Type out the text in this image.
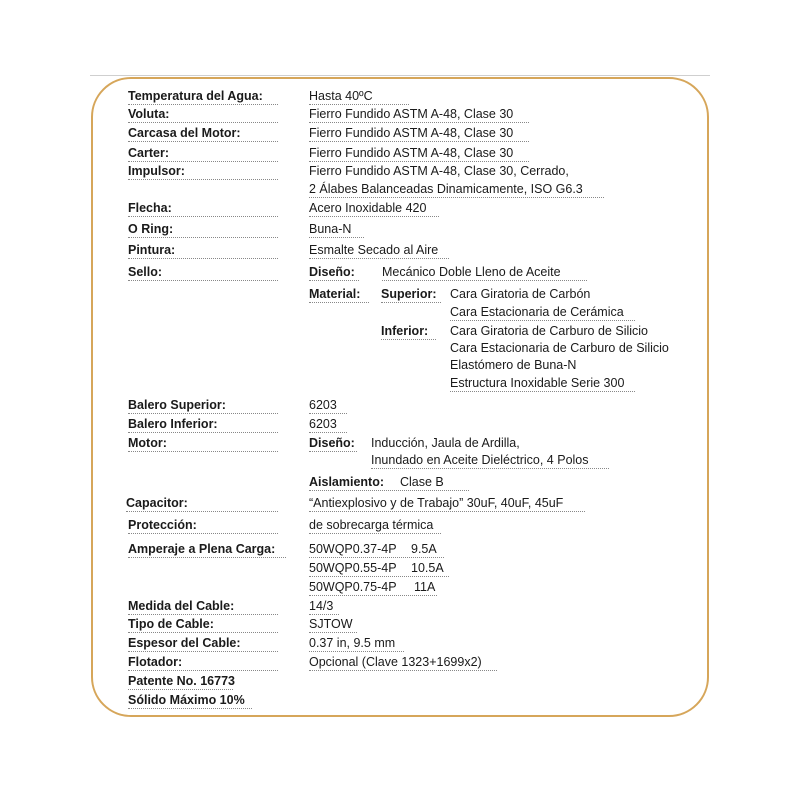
Temperatura del Agua:	Hasta 40ºC
Voluta:	Fierro Fundido ASTM A-48, Clase 30
Carcasa del Motor:	Fierro Fundido ASTM A-48, Clase 30
Carter:	Fierro Fundido ASTM A-48, Clase 30
Impulsor:	Fierro Fundido ASTM A-48, Clase 30, Cerrado,
2 Álabes Balanceadas Dinamicamente, ISO G6.3
Flecha:	Acero Inoxidable 420
O Ring:	Buna-N
Pintura:	Esmalte Secado al Aire
Sello:	Diseño: Mecánico Doble Lleno de Aceite
Material: Superior: Cara Giratoria de Carbón
Cara Estacionaria de Cerámica
Inferior: Cara Giratoria de Carburo de Silicio
Cara Estacionaria de Carburo de Silicio
Elastómero de Buna-N
Estructura Inoxidable Serie 300
Balero Superior:	6203
Balero Inferior:	6203
Motor:	Diseño: Inducción, Jaula de Ardilla,
Inundado en Aceite Dieléctrico, 4 Polos
Aislamiento: Clase B
Capacitor:	“Antiexplosivo y de Trabajo” 30uF, 40uF, 45uF
Protección:	de sobrecarga térmica
Amperaje a Plena Carga:	50WQP0.37-4P 9.5A
50WQP0.55-4P 10.5A
50WQP0.75-4P 11A
Medida del Cable:	14/3
Tipo de Cable:	SJTOW
Espesor del Cable:	0.37 in, 9.5 mm
Flotador:	Opcional (Clave 1323+1699x2)
Patente No. 16773
Sólido Máximo 10%
